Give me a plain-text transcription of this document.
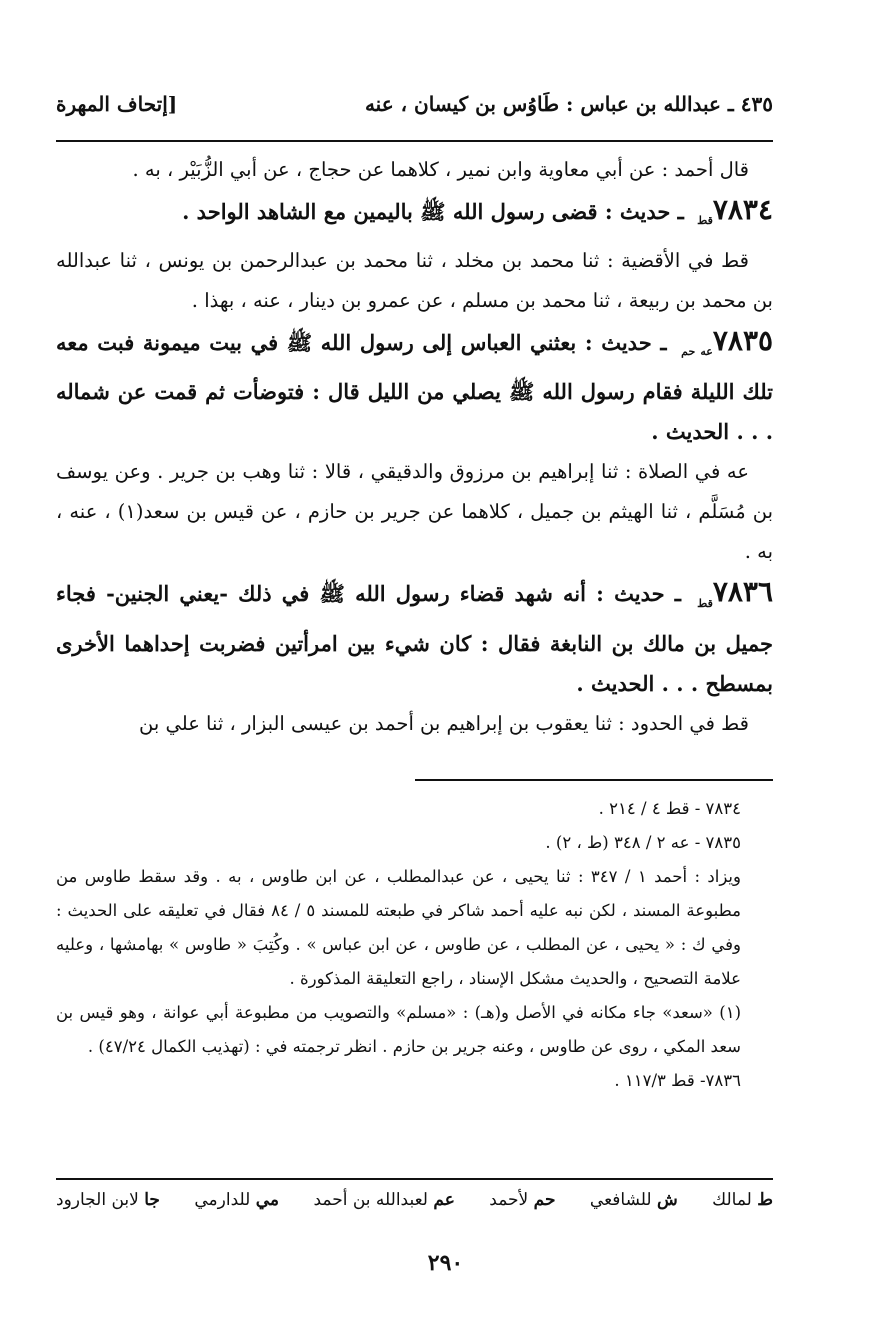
٤٣٥ ـ عبدالله بن عباس : طَاوُس بن كيسان ، عنه
[إتحاف المهرة

قال أحمد : عن أبي معاوية وابن نمير ، كلاهما عن حجاج ، عن أبي الزُّبَيْر ، به .

$٧٨٣٤_{قط}$ ـ حديث : قضى رسول الله ﷺ باليمين مع الشاهد الواحد .

قط في الأقضية : ثنا محمد بن مخلد ، ثنا محمد بن عبدالرحمن بن يونس ، ثنا عبدالله بن محمد بن ربيعة ، ثنا محمد بن مسلم ، عن عمرو بن دينار ، عنه ، بهذا .

$٧٨٣٥_{عه حم}$ ـ حديث : بعثني العباس إلى رسول الله ﷺ في بيت ميمونة فبت معه تلك الليلة فقام رسول الله ﷺ يصلي من الليل قال : فتوضأت ثم قمت عن شماله . . . الحديث .

عه في الصلاة : ثنا إبراهيم بن مرزوق والدقيقي ، قالا : ثنا وهب بن جرير . وعن يوسف بن مُسَلَّم ، ثنا الهيثم بن جميل ، كلاهما عن جرير بن حازم ، عن قيس بن سعد(١) ، عنه ، به .

$٧٨٣٦_{قط}$ ـ حديث : أنه شهد قضاء رسول الله ﷺ في ذلك -يعني الجنين- فجاء جميل بن مالك بن النابغة فقال : كان شيء بين امرأتين فضربت إحداهما الأخرى بمسطح . . . الحديث .

قط في الحدود : ثنا يعقوب بن إبراهيم بن أحمد بن عيسى البزار ، ثنا علي بن

٧٨٣٤ - قط ٤ / ٢١٤ .

٧٨٣٥ - عه ٢ / ٣٤٨ (ط ، ٢) .

ويزاد : أحمد ١ / ٣٤٧ : ثنا يحيى ، عن عبدالمطلب ، عن ابن طاوس ، به . وقد سقط طاوس من مطبوعة المسند ، لكن نبه عليه أحمد شاكر في طبعته للمسند ٥ / ٨٤ فقال في تعليقه على الحديث : وفي ك : « يحيى ، عن المطلب ، عن طاوس ، عن ابن عباس » . وكُتِبَ « طاوس » بهامشها ، وعليه علامة التصحيح ، والحديث مشكل الإسناد ، راجع التعليقة المذكورة .

(١) «سعد» جاء مكانه في الأصل و(هـ) : «مسلم» والتصويب من مطبوعة أبي عوانة ، وهو قيس بن سعد المكي ، روى عن طاوس ، وعنه جرير بن حازم . انظر ترجمته في : (تهذيب الكمال ٤٧/٢٤) .

٧٨٣٦- قط ١١٧/٣ .

ط لمالك
ش للشافعي
حم لأحمد
عم لعبدالله بن أحمد
مي للدارمي
جا لابن الجارود
٢٩٠
